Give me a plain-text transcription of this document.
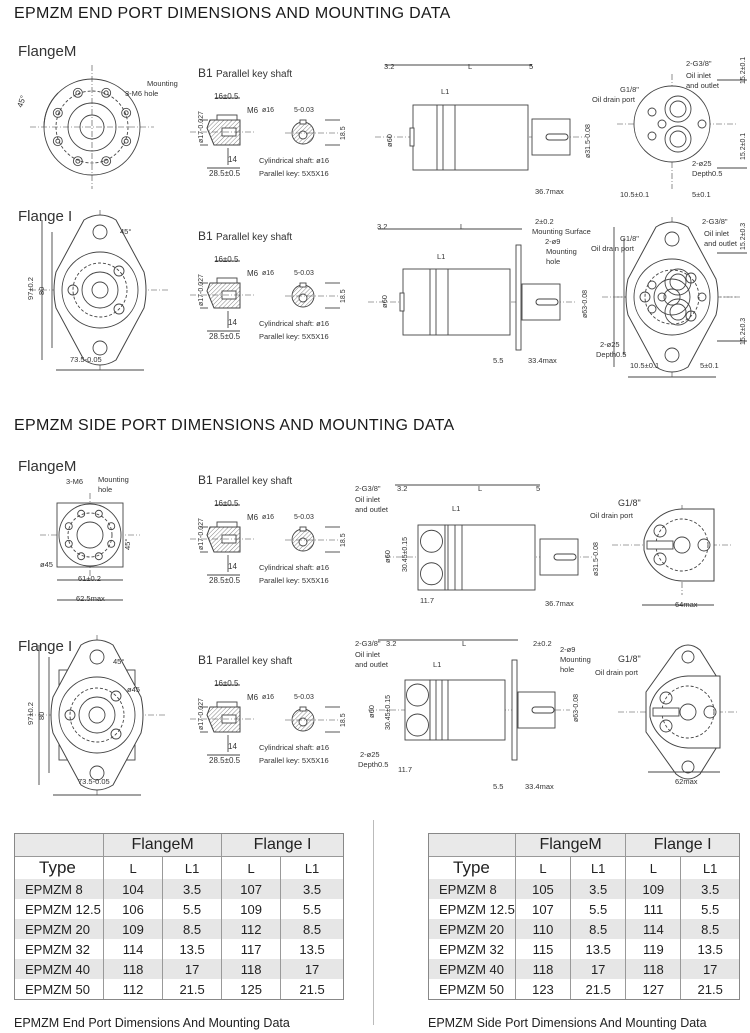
EPMZM END PORT DIMENSIONS AND MOUNTING DATA
EPMZM SIDE PORT DIMENSIONS AND MOUNTING DATA
FlangeM
45°
Mounting
3-M6 hole
B1 Parallel key shaft
16±0.5
M6 ø16	5-0.03
ø17-0.027	18.5
14
28.5±0.5
Cylindrical shaft: ø16
Parallel key: 5X5X16
3.2	L	5
L1
ø60	ø31.5-0.08
36.7max
2-G3/8"
Oil inlet
and outlet
G1/8"
Oil drain port
15.2±0.1
15.2±0.1
2-ø25
Depth0.5
10.5±0.1	5±0.1
Flange I
45°
97±0.2 80
73.5-0.05
B1 Parallel key shaft
16±0.5
M6 ø16	5-0.03
ø17-0.027	18.5
14
28.5±0.5
Cylindrical shaft: ø16
Parallel key: 5X5X16
3.2	L
2±0.2
Mounting Surface
2-ø9
Mounting
hole
L1
ø60	ø63-0.08
5.5	33.4max
2-G3/8"
Oil inlet
and outlet
G1/8"
Oil drain port	15.2±0.3
15.2±0.3
2-ø25
Depth0.5
10.5±0.1	5±0.1
FlangeM
3-M6 Mounting
hole
ø45
45°
61±0.2
62.5max
B1 Parallel key shaft
16±0.5
M6 ø16	5-0.03
ø17-0.027	18.5
14
28.5±0.5
Cylindrical shaft: ø16
Parallel key: 5X5X16
2-G3/8"
Oil inlet
and outlet
3.2	L	5
L1
ø60 30.45±0.15	ø31.5-0.08
11.7	36.7max
G1/8"
Oil drain port
64max
Flange I
45°
ø45
97±0.2 80
73.5-0.05
B1 Parallel key shaft
16±0.5
M6 ø16	5-0.03
ø17-0.027	18.5
14
28.5±0.5
Cylindrical shaft: ø16
Parallel key: 5X5X16
2-G3/8"
Oil inlet
and outlet
3.2	L	2±0.2
2-ø9
Mounting
hole
L1
ø60 30.45±0.15	ø63-0.08
2-ø25
Depth0.5
11.7
5.5	33.4max
G1/8"
Oil drain port
62max
	FlangeM		Flange I	
Type	L	L1	L	L1
EPMZM 8	104	3.5	107	3.5
EPMZM 12.5	106	5.5	109	5.5
EPMZM 20	109	8.5	112	8.5
EPMZM 32	114	13.5	117	13.5
EPMZM 40	118	17	118	17
EPMZM 50	112	21.5	125	21.5
EPMZM End Port Dimensions And Mounting Data
	FlangeM		Flange I	
Type	L	L1	L	L1
EPMZM 8	105	3.5	109	3.5
EPMZM 12.5	107	5.5	111	5.5
EPMZM 20	110	8.5	114	8.5
EPMZM 32	115	13.5	119	13.5
EPMZM 40	118	17	118	17
EPMZM 50	123	21.5	127	21.5
EPMZM Side Port Dimensions And Mounting Data
